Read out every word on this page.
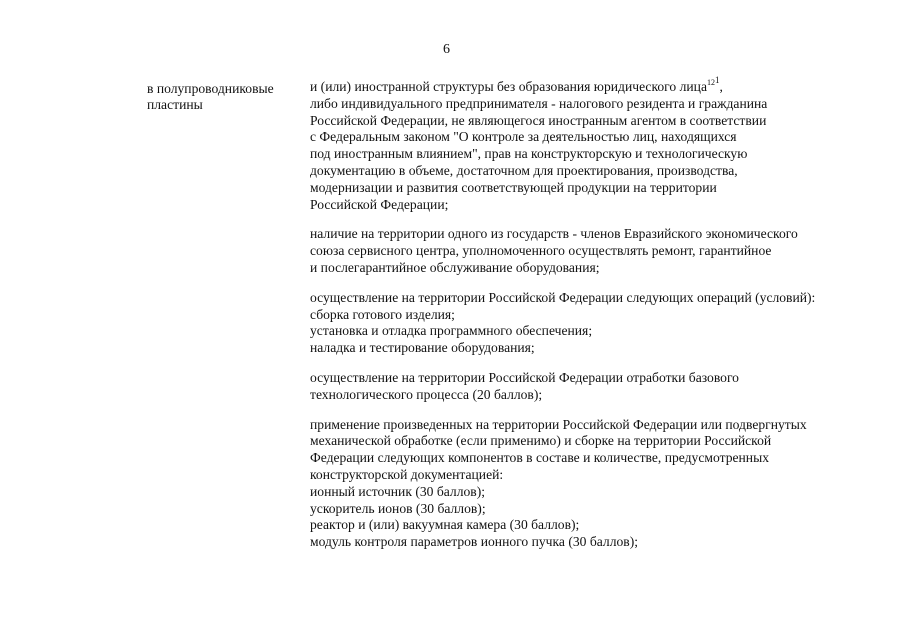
6
в полупроводниковые
пластины
и (или) иностранной структуры без образования юридического лица$^{121}$,
либо индивидуального предпринимателя - налогового резидента и гражданина
Российской Федерации, не являющегося иностранным агентом в соответствии
с Федеральным законом "О контроле за деятельностью лиц, находящихся
под иностранным влиянием", прав на конструкторскую и технологическую
документацию в объеме, достаточном для проектирования, производства,
модернизации и развития соответствующей продукции на территории
Российской Федерации;
наличие на территории одного из государств - членов Евразийского экономического
союза сервисного центра, уполномоченного осуществлять ремонт, гарантийное
и послегарантийное обслуживание оборудования;
осуществление на территории Российской Федерации следующих операций (условий):
сборка готового изделия;
установка и отладка программного обеспечения;
наладка и тестирование оборудования;
осуществление на территории Российской Федерации отработки базового
технологического процесса (20 баллов);
применение произведенных на территории Российской Федерации или подвергнутых
механической обработке (если применимо) и сборке на территории Российской
Федерации следующих компонентов в составе и количестве, предусмотренных
конструкторской документацией:
ионный источник (30 баллов);
ускоритель ионов (30 баллов);
реактор и (или) вакуумная камера (30 баллов);
модуль контроля параметров ионного пучка (30 баллов);
